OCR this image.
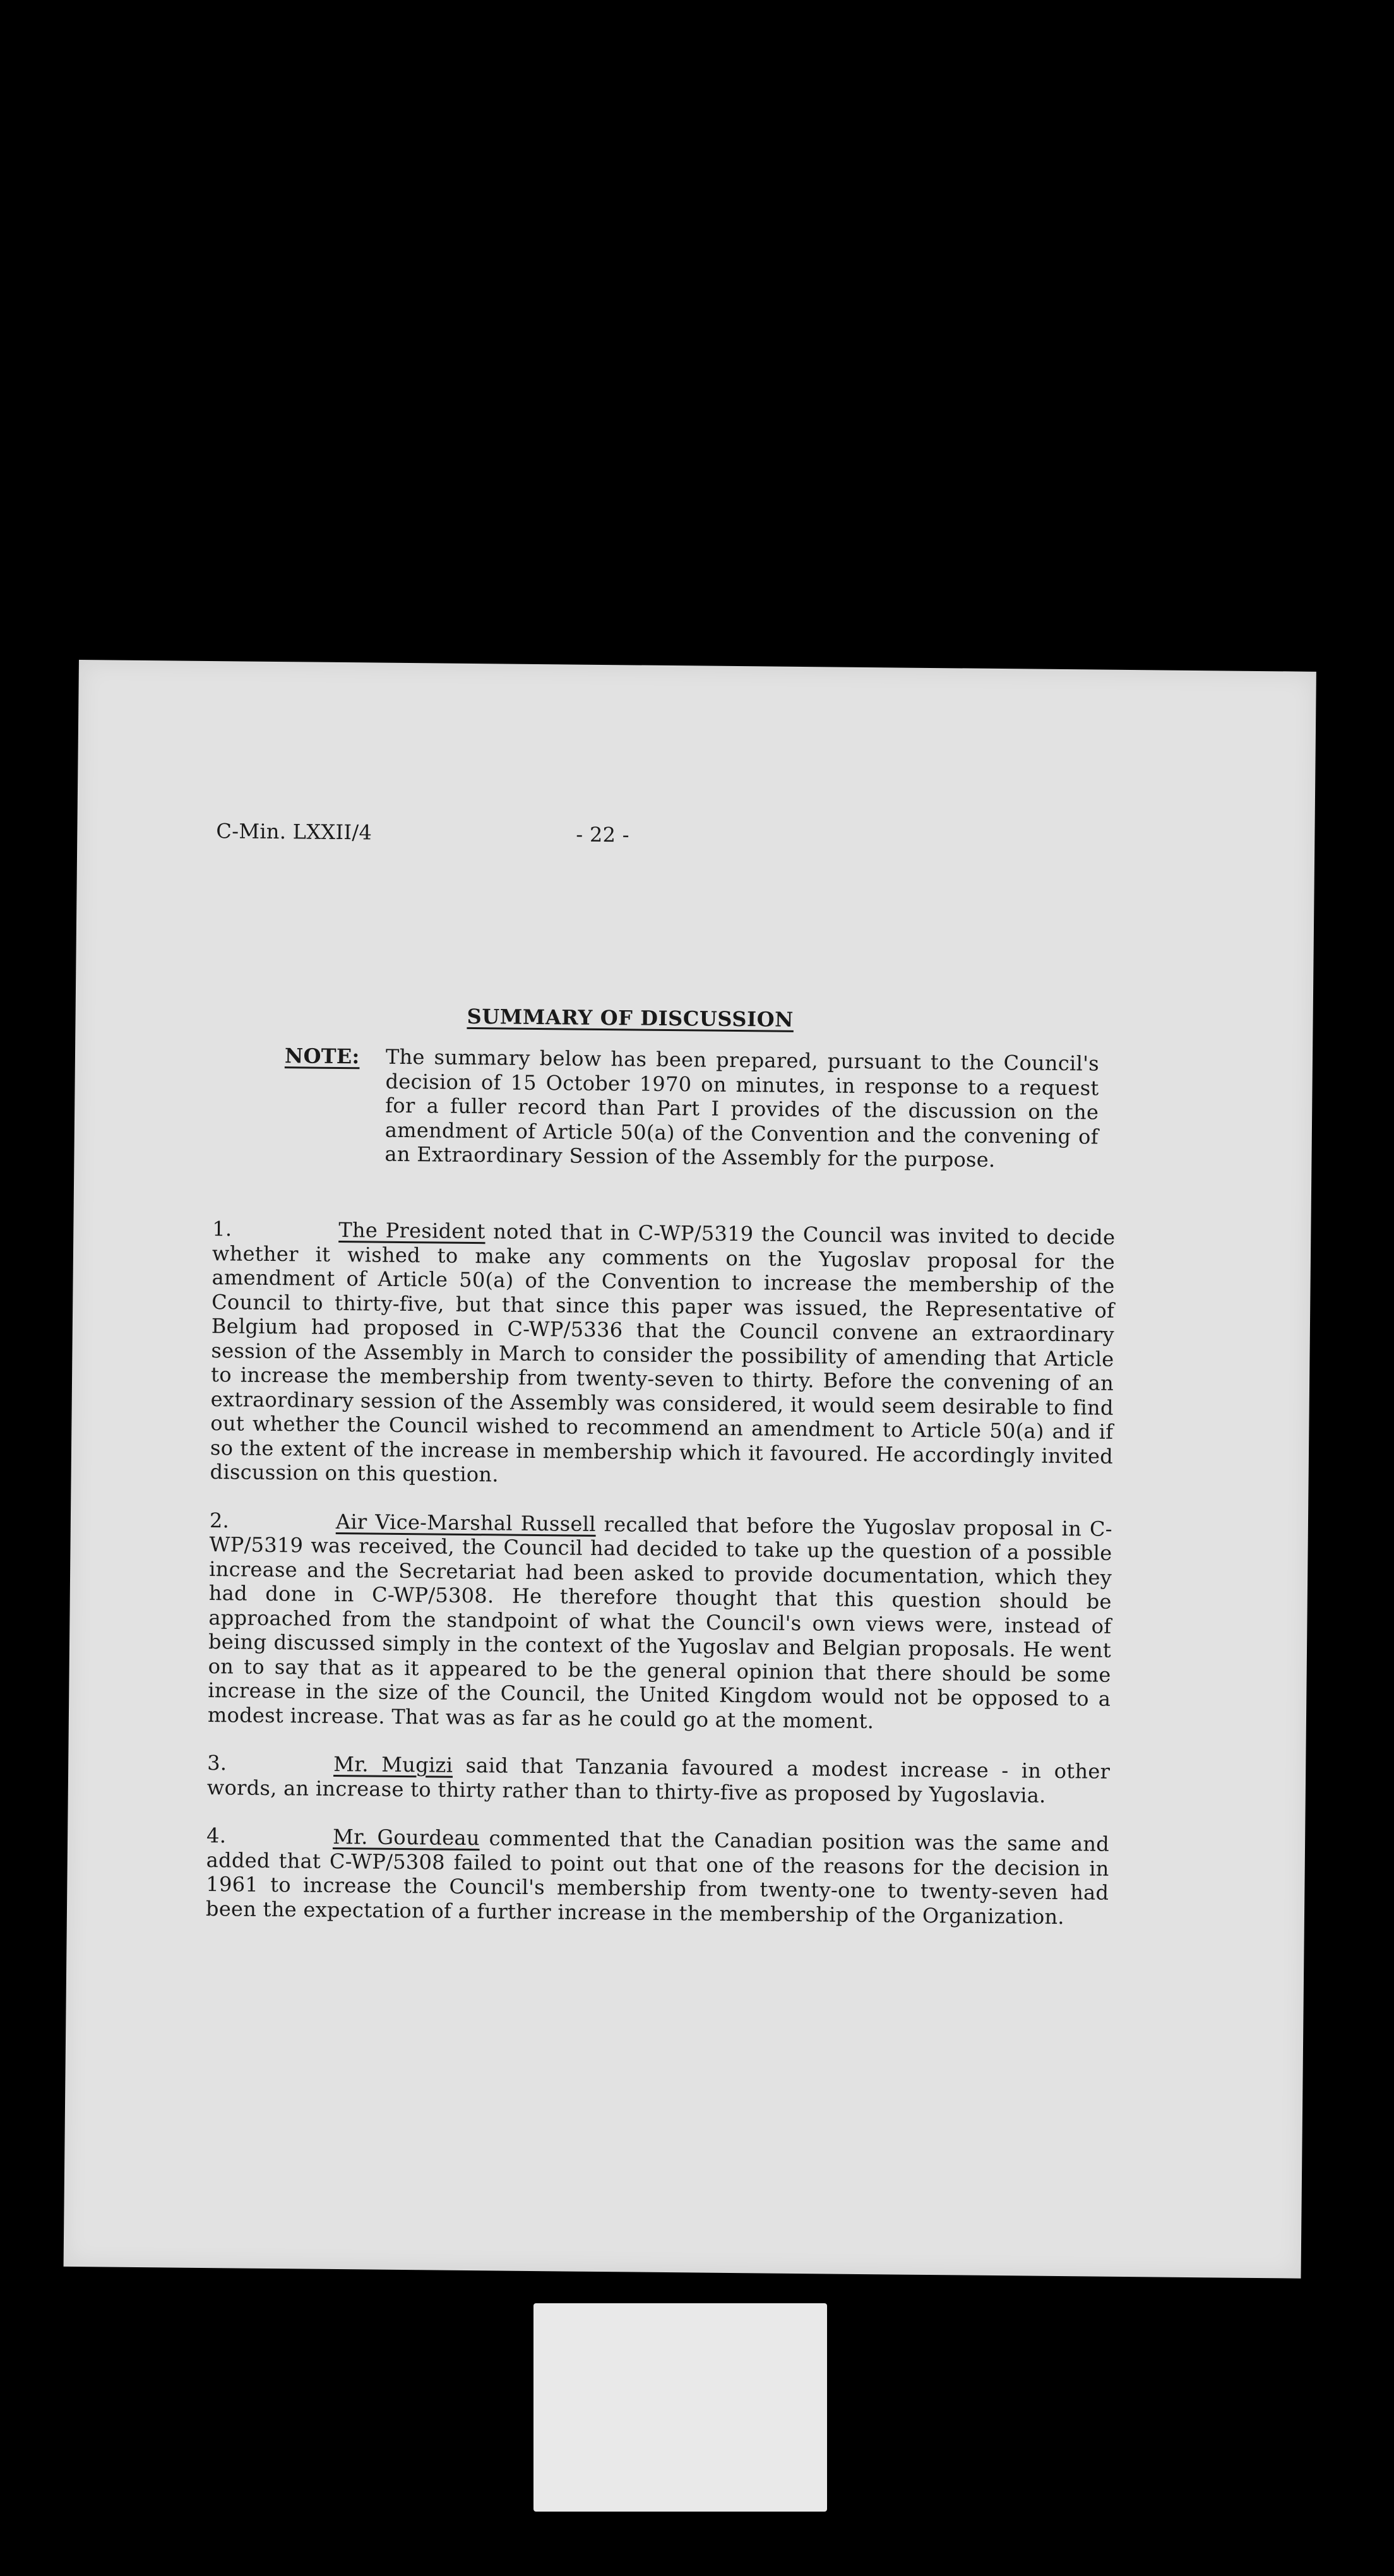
C-Min. LXXII/4	- 22 -
SUMMARY OF DISCUSSION
NOTE: The summary below has been prepared, pursuant to the Council's decision of 15 October 1970 on minutes, in response to a request for a fuller record than Part I provides of the discussion on the amendment of Article 50(a) of the Convention and the convening of an Extraordinary Session of the Assembly for the purpose.

1.	The President noted that in C-WP/5319 the Council was invited to decide whether it wished to make any comments on the Yugoslav proposal for the amendment of Article 50(a) of the Convention to increase the membership of the Council to thirty-five, but that since this paper was issued, the Representative of Belgium had proposed in C-WP/5336 that the Council convene an extraordinary session of the Assembly in March to consider the possibility of amending that Article to increase the membership from twenty-seven to thirty. Before the convening of an extraordinary session of the Assembly was considered, it would seem desirable to find out whether the Council wished to recommend an amendment to Article 50(a) and if so the extent of the increase in membership which it favoured. He accordingly invited discussion on this question.

2.	Air Vice-Marshal Russell recalled that before the Yugoslav proposal in C-WP/5319 was received, the Council had decided to take up the question of a possible increase and the Secretariat had been asked to provide documentation, which they had done in C-WP/5308. He therefore thought that this question should be approached from the standpoint of what the Council's own views were, instead of being discussed simply in the context of the Yugoslav and Belgian proposals. He went on to say that as it appeared to be the general opinion that there should be some increase in the size of the Council, the United Kingdom would not be opposed to a modest increase. That was as far as he could go at the moment.

3.	Mr. Mugizi said that Tanzania favoured a modest increase - in other words, an increase to thirty rather than to thirty-five as proposed by Yugoslavia.

4.	Mr. Gourdeau commented that the Canadian position was the same and added that C-WP/5308 failed to point out that one of the reasons for the decision in 1961 to increase the Council's membership from twenty-one to twenty-seven had been the expectation of a further increase in the membership of the Organization.
